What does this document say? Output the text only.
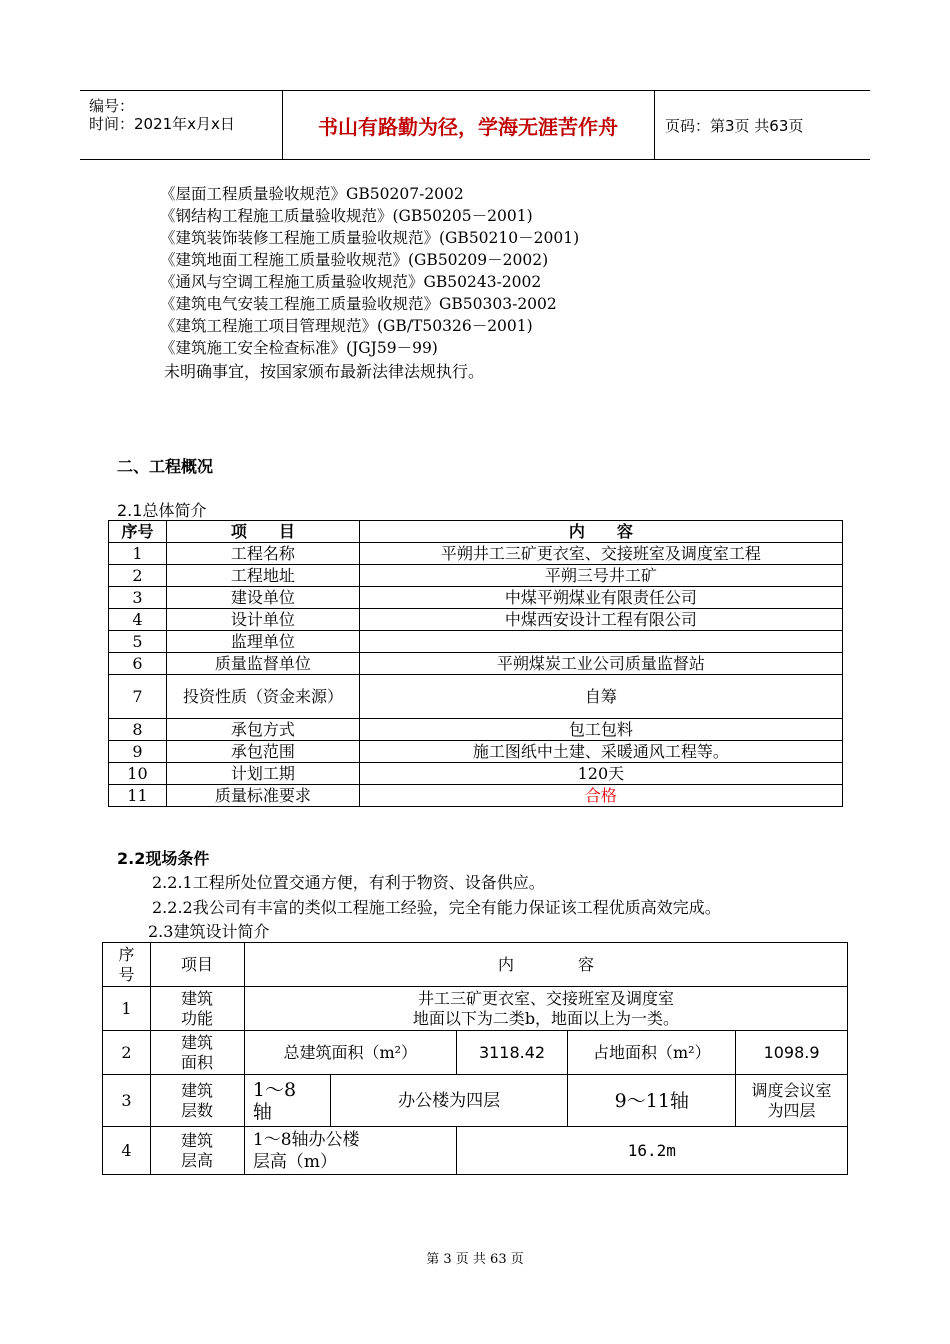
编号：
时间：2021年x月x日	书山有路勤为径，学海无涯苦作舟	页码：第3页 共63页
《屋面工程质量验收规范》GB50207-2002
《钢结构工程施工质量验收规范》(GB50205－2001)
《建筑装饰装修工程施工质量验收规范》(GB50210－2001)
《建筑地面工程施工质量验收规范》(GB50209－2002)
《通风与空调工程施工质量验收规范》GB50243-2002
《建筑电气安装工程施工质量验收规范》GB50303-2002
《建筑工程施工项目管理规范》(GB/T50326－2001)
《建筑施工安全检查标准》(JGJ59－99)
未明确事宜，按国家颁布最新法律法规执行。
二、工程概况
2.1总体简介
序号	项　　目	内　　容
1	工程名称	平朔井工三矿更衣室、交接班室及调度室工程
2	工程地址	平朔三号井工矿
3	建设单位	中煤平朔煤业有限责任公司
4	设计单位	中煤西安设计工程有限公司
5	监理单位	
6	质量监督单位	平朔煤炭工业公司质量监督站
7	投资性质（资金来源）	自筹
8	承包方式	包工包料
9	承包范围	施工图纸中土建、采暖通风工程等。
10	计划工期	120天
11	质量标准要求	合格
2.2现场条件
2.2.1工程所处位置交通方便，有利于物资、设备供应。
2.2.2我公司有丰富的类似工程施工经验，完全有能力保证该工程优质高效完成。
2.3建筑设计简介
序号	项目	内　　　　容				
1	建筑功能	井工三矿更衣室、交接班室及调度室
地面以下为二类b，地面以上为一类。				

2	建筑面积	总建筑面积（m²）		3118.42	占地面积（m²）	1098.9
3	建筑层数	1～8轴	办公楼为四层		9～11轴	调度会议室为四层
4	建筑层高	1～8轴办公楼层高（m）		16.2m		
第 3 页 共 63 页
